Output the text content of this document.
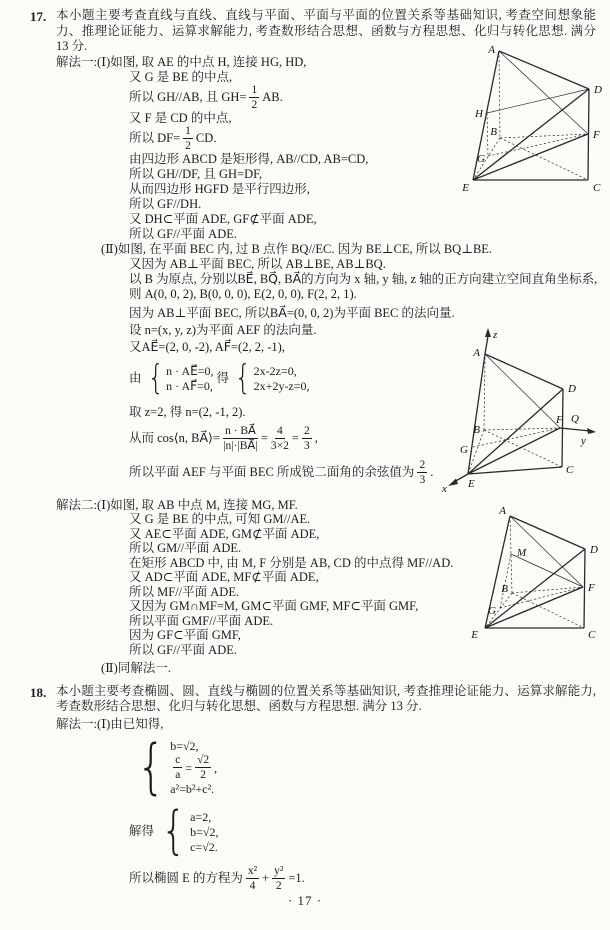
17. 本小题主要考查直线与直线、直线与平面、平面与平面的位置关系等基础知识, 考查空间想象能力、推理论证能力、运算求解能力, 考查数形结合思想、函数与方程思想、化归与转化思想. 满分 13 分.
解法一:(Ⅰ)如图, 取 AE 的中点 H, 连接 HG, HD,
又 G 是 BE 的中点,
所以 GH//AB, 且 $GH= \frac{1}{2}$ AB.
又 F 是 CD 的中点,
所以 $DF= \frac{1}{2}$ CD.
由四边形 ABCD 是矩形得, AB//CD, AB=CD,
所以 GH//DF, 且 GH=DF,
从而四边形 HGFD 是平行四边形,
所以 GF//DH.
又 DH⊂平面 ADE, GF⊄平面 ADE,
所以 GF//平面 ADE.
(Ⅱ)如图, 在平面 BEC 内, 过 B 点作 BQ//EC. 因为 BE⊥CE, 所以 BQ⊥BE.
又因为 AB⊥平面 BEC, 所以 AB⊥BE, AB⊥BQ.
以 B 为原点, 分别以BE⃗, BQ⃗, BA⃗的方向为 x 轴, y 轴, z 轴的正方向建立空间直角坐标系,
则 A(0, 0, 2), B(0, 0, 0), E(2, 0, 0), F(2, 2, 1).
因为 AB⊥平面 BEC, 所以BA⃗=(0, 0, 2)为平面 BEC 的法向量.
设 n=(x, y, z)为平面 AEF 的法向量.
又AE⃗=(2, 0, -2), AF⃗=(2, 2, -1),
由 { n · AE⃗=0,
n · AF⃗=0,
得 { 2x-2z=0,
2x+2y-z=0,
取 z=2, 得 n=(2, -1, 2).
从而 cos⟨n, BA⃗⟩= $\frac{n \cdot BA⃗}{|n|\cdot|BA⃗|} = \frac{4}{3\times 2} = \frac{2}{3}$ ,
所以平面 AEF 与平面 BEC 所成锐二面角的余弦值为 $\frac{2}{3}$ .
解法二:(Ⅰ)如图, 取 AB 中点 M, 连接 MG, MF.
又 G 是 BE 的中点, 可知 GM//AE.
又 AE⊂平面 ADE, GM⊄平面 ADE,
所以 GM//平面 ADE.
在矩形 ABCD 中, 由 M, F 分别是 AB, CD 的中点得 MF//AD.
又 AD⊂平面 ADE, MF⊄平面 ADE,
所以 MF//平面 ADE.
又因为 GM∩MF=M, GM⊂平面 GMF, MF⊂平面 GMF,
所以平面 GMF//平面 ADE.
因为 GF⊂平面 GMF,
所以 GF//平面 ADE.
(Ⅱ)同解法一.
18. 本小题主要考查椭圆、圆、直线与椭圆的位置关系等基础知识, 考查推理论证能力、运算求解能力, 考查数形结合思想、化归与转化思想、函数与方程思想. 满分 13 分.
解法一:(Ⅰ)由已知得,
{ b=√2,
$\frac{c}{a} = \frac{√2}{2}$ ,
a²=b²+c².
解得 { a=2,
b=√2,
c=√2.
所以椭圆 E 的方程为 $\frac{\text{x²}}{4} + \frac{\text{y²}}{2} =1$.
A
D
H
B	F
G
E	C
z
y
x
A
D
B
F Q
G
E
C
A
M	D
B	F
G
E	C
· 17 ·
